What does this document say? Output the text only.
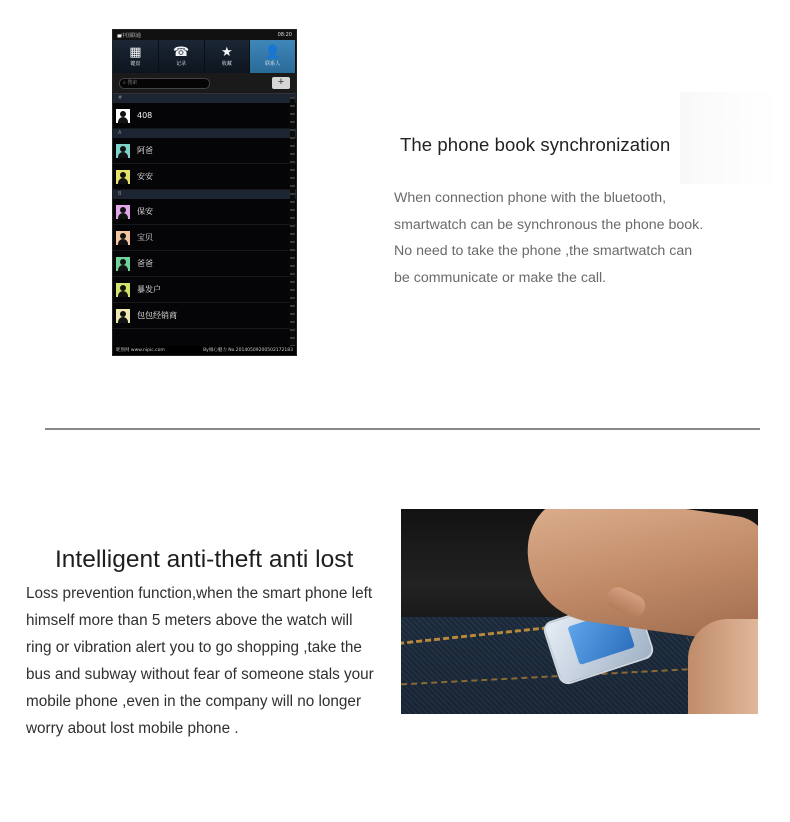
▮▮▮ 中国联通	08:20
▦
键盘
☎
记录
★
收藏
👤
联系人
⌕ 搜索	+
#
408
A
阿爸
安安
B
保安
宝贝
爸爸
暴发户
包包经销商
昵图网 www.nipic.com	By倾心魅力 No.20140509200502172183
The phone book synchronization
When connection phone with the bluetooth,
smartwatch can be synchronous the phone book.
No need to take the phone ,the smartwatch can
be communicate or make the call.
Intelligent anti-theft anti lost
Loss prevention function,when the smart phone left
himself more than 5 meters above the watch will
ring or vibration alert you to go shopping ,take the
bus and subway without fear of someone stals your
mobile phone ,even in the company will no longer
worry about lost mobile phone .
